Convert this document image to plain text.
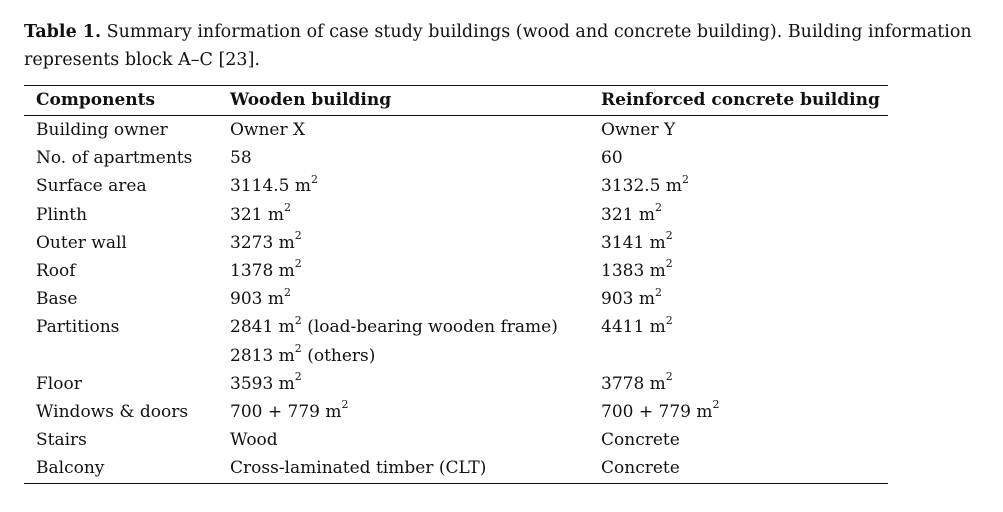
Table 1. Summary information of case study buildings (wood and concrete building). Building information represents block A–C [23].

Components	Wooden building	Reinforced concrete building
Building owner	Owner X	Owner Y
No. of apartments	58	60
Surface area	3114.5 $m^2$	3132.5 $m^2$
Plinth	321 $m^2$	321 $m^2$
Outer wall	3273 $m^2$	3141 $m^2$
Roof	1378 $m^2$	1383 $m^2$
Base	903 $m^2$	903 $m^2$
Partitions	2841 $m^2$ (load-bearing wooden frame)	4411 $m^2$
	2813 $m^2$ (others)	
Floor	3593 $m^2$	3778 $m^2$
Windows & doors	700 + 779 $m^2$	700 + 779 $m^2$
Stairs	Wood	Concrete
Balcony	Cross-laminated timber (CLT)	Concrete
